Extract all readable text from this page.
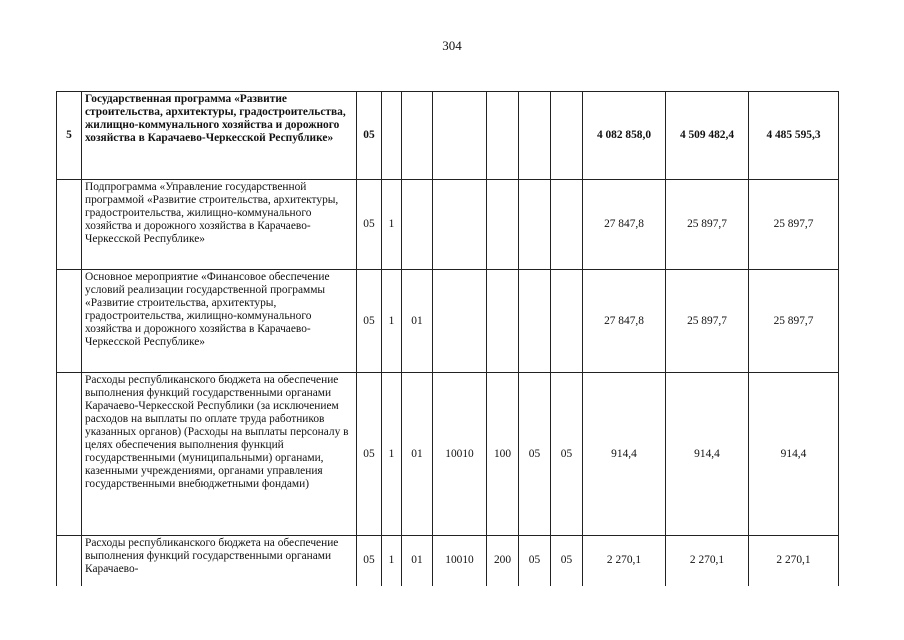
304
5	Государственная программа «Развитие строительства, архитектуры, градостроительства, жилищно-коммунального хозяйства и дорожного хозяйства в Карачаево-Черкесской Республике»	05							4 082 858,0	4 509 482,4	4 485 595,3
	Подпрограмма «Управление государственной программой «Развитие строительства, архитектуры, градостроительства, жилищно-коммунального хозяйства и дорожного хозяйства в Карачаево-Черкесской Республике»	05	1						27 847,8	25 897,7	25 897,7
	Основное мероприятие «Финансовое обеспечение условий реализации государственной программы «Развитие строительства, архитектуры, градостроительства, жилищно-коммунального хозяйства и дорожного хозяйства в Карачаево-Черкесской Республике»	05	1	01					27 847,8	25 897,7	25 897,7
	Расходы республиканского бюджета на обеспечение выполнения функций государственными органами Карачаево-Черкесской Республики (за исключением расходов на выплаты по оплате труда работников указанных органов) (Расходы на выплаты персоналу в целях обеспечения выполнения функций государственными (муниципальными) органами, казенными учреждениями, органами управления государственными внебюджетными фондами)	05	1	01	10010	100	05	05	914,4	914,4	914,4
	Расходы республиканского бюджета на обеспечение выполнения функций государственными органами Карачаево-	05	1	01	10010	200	05	05	2 270,1	2 270,1	2 270,1
